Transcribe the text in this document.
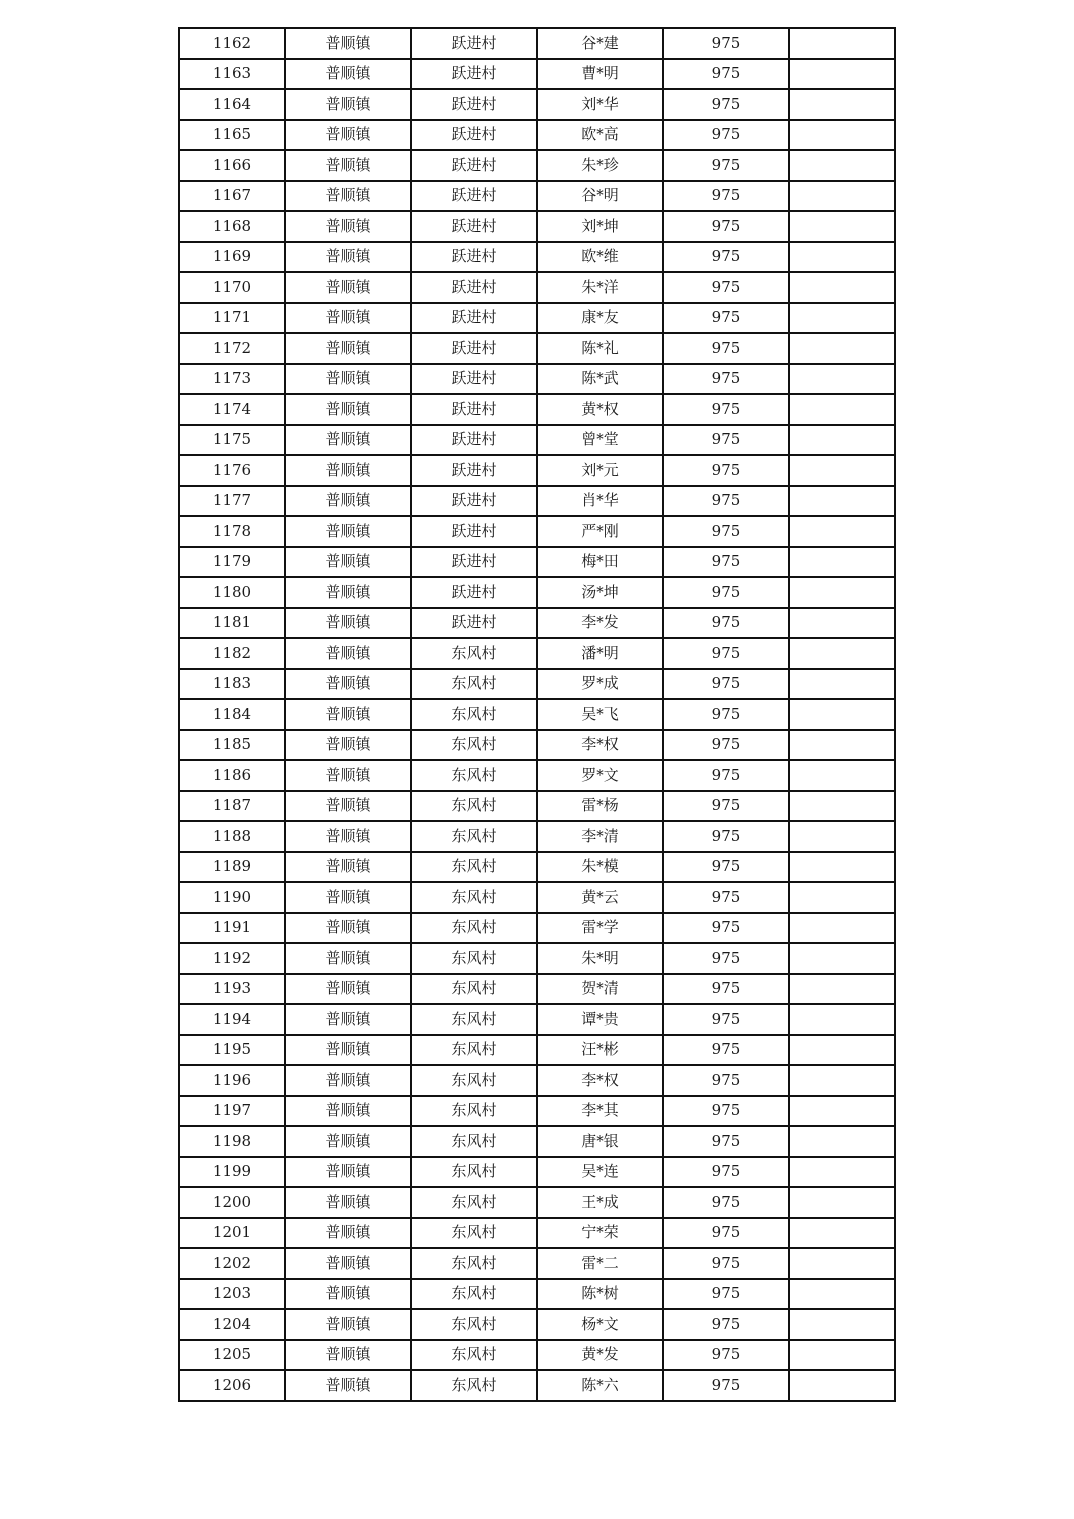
1162	普顺镇	跃进村	谷*建	975	
1163	普顺镇	跃进村	曹*明	975	
1164	普顺镇	跃进村	刘*华	975	
1165	普顺镇	跃进村	欧*高	975	
1166	普顺镇	跃进村	朱*珍	975	
1167	普顺镇	跃进村	谷*明	975	
1168	普顺镇	跃进村	刘*坤	975	
1169	普顺镇	跃进村	欧*维	975	
1170	普顺镇	跃进村	朱*洋	975	
1171	普顺镇	跃进村	康*友	975	
1172	普顺镇	跃进村	陈*礼	975	
1173	普顺镇	跃进村	陈*武	975	
1174	普顺镇	跃进村	黄*权	975	
1175	普顺镇	跃进村	曾*堂	975	
1176	普顺镇	跃进村	刘*元	975	
1177	普顺镇	跃进村	肖*华	975	
1178	普顺镇	跃进村	严*刚	975	
1179	普顺镇	跃进村	梅*田	975	
1180	普顺镇	跃进村	汤*坤	975	
1181	普顺镇	跃进村	李*发	975	
1182	普顺镇	东风村	潘*明	975	
1183	普顺镇	东风村	罗*成	975	
1184	普顺镇	东风村	吴*飞	975	
1185	普顺镇	东风村	李*权	975	
1186	普顺镇	东风村	罗*文	975	
1187	普顺镇	东风村	雷*杨	975	
1188	普顺镇	东风村	李*清	975	
1189	普顺镇	东风村	朱*模	975	
1190	普顺镇	东风村	黄*云	975	
1191	普顺镇	东风村	雷*学	975	
1192	普顺镇	东风村	朱*明	975	
1193	普顺镇	东风村	贺*清	975	
1194	普顺镇	东风村	谭*贵	975	
1195	普顺镇	东风村	汪*彬	975	
1196	普顺镇	东风村	李*权	975	
1197	普顺镇	东风村	李*其	975	
1198	普顺镇	东风村	唐*银	975	
1199	普顺镇	东风村	吴*连	975	
1200	普顺镇	东风村	王*成	975	
1201	普顺镇	东风村	宁*荣	975	
1202	普顺镇	东风村	雷*二	975	
1203	普顺镇	东风村	陈*树	975	
1204	普顺镇	东风村	杨*文	975	
1205	普顺镇	东风村	黄*发	975	
1206	普顺镇	东风村	陈*六	975	
